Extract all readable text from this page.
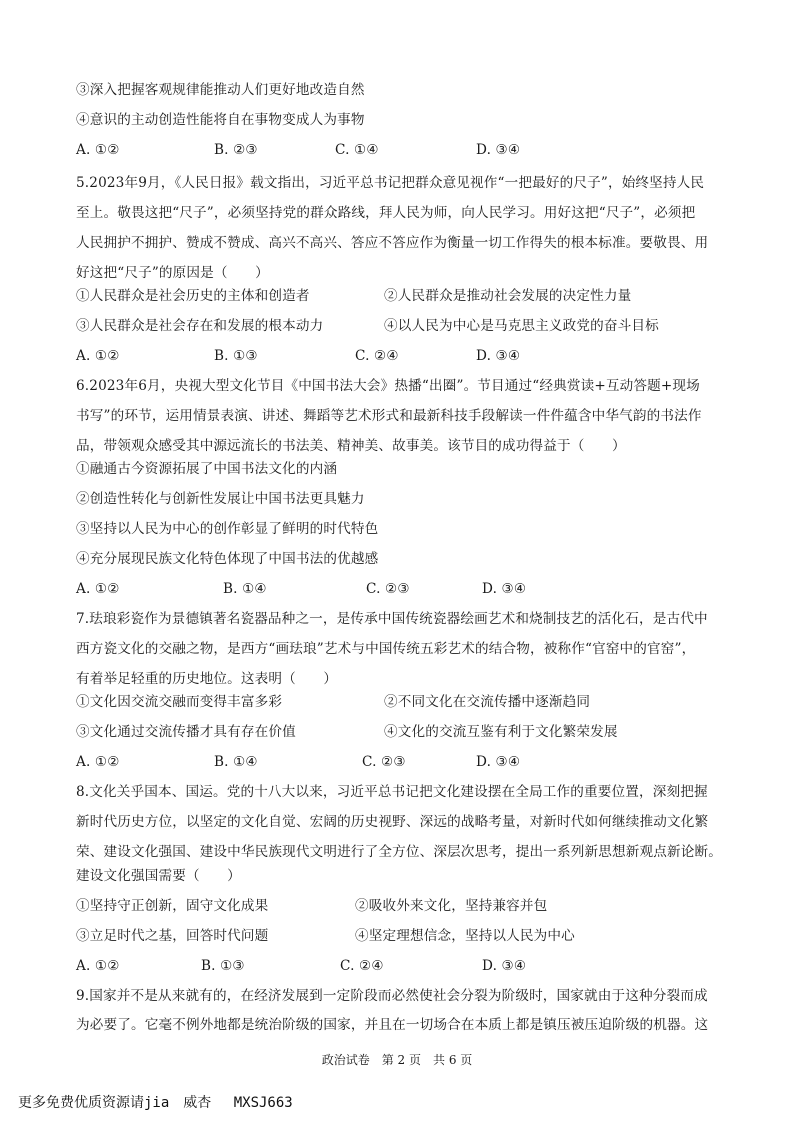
③深入把握客观规律能推动人们更好地改造自然
④意识的主动创造性能将自在事物变成人为事物
A. ①②	B. ②③	C. ①④	D. ③④
5.2023年9月，《人民日报》载文指出，习近平总书记把群众意见视作“一把最好的尺子”，始终坚持人民
至上。敬畏这把“尺子”，必须坚持党的群众路线，拜人民为师，向人民学习。用好这把“尺子”，必须把
人民拥护不拥护、赞成不赞成、高兴不高兴、答应不答应作为衡量一切工作得失的根本标准。要敬畏、用
好这把“尺子”的原因是（　　）
①人民群众是社会历史的主体和创造者	②人民群众是推动社会发展的决定性力量
③人民群众是社会存在和发展的根本动力	④以人民为中心是马克思主义政党的奋斗目标
A. ①②	B. ①③	C. ②④	D. ③④
6.2023年6月，央视大型文化节目《中国书法大会》热播“出圈”。节目通过“经典赏读+互动答题+现场
书写”的环节，运用情景表演、讲述、舞蹈等艺术形式和最新科技手段解读一件件蕴含中华气韵的书法作
品，带领观众感受其中源远流长的书法美、精神美、故事美。该节目的成功得益于（　　）
①融通古今资源拓展了中国书法文化的内涵
②创造性转化与创新性发展让中国书法更具魅力
③坚持以人民为中心的创作彰显了鲜明的时代特色
④充分展现民族文化特色体现了中国书法的优越感
A. ①②	B. ①④	C. ②③	D. ③④
7.珐琅彩瓷作为景德镇著名瓷器品种之一，是传承中国传统瓷器绘画艺术和烧制技艺的活化石，是古代中
西方瓷文化的交融之物，是西方“画珐琅”艺术与中国传统五彩艺术的结合物，被称作“官窑中的官窑”，
有着举足轻重的历史地位。这表明（　　）
①文化因交流交融而变得丰富多彩	②不同文化在交流传播中逐渐趋同
③文化通过交流传播才具有存在价值	④文化的交流互鉴有利于文化繁荣发展
A. ①②	B. ①④	C. ②③	D. ③④
8.文化关乎国本、国运。党的十八大以来，习近平总书记把文化建设摆在全局工作的重要位置，深刻把握
新时代历史方位，以坚定的文化自觉、宏阔的历史视野、深远的战略考量，对新时代如何继续推动文化繁
荣、建设文化强国、建设中华民族现代文明进行了全方位、深层次思考，提出一系列新思想新观点新论断。
建设文化强国需要（　　）
①坚持守正创新，固守文化成果	②吸收外来文化，坚持兼容并包
③立足时代之基，回答时代问题	④坚定理想信念，坚持以人民为中心
A. ①②	B. ①③	C. ②④	D. ③④
9.国家并不是从来就有的，在经济发展到一定阶段而必然使社会分裂为阶级时，国家就由于这种分裂而成
为必要了。它毫不例外地都是统治阶级的国家，并且在一切场合在本质上都是镇压被压迫阶级的机器。这
政治试卷　第 2 页　共 6 页
更多免费优质资源请jia　威杏　 MXSJ663
